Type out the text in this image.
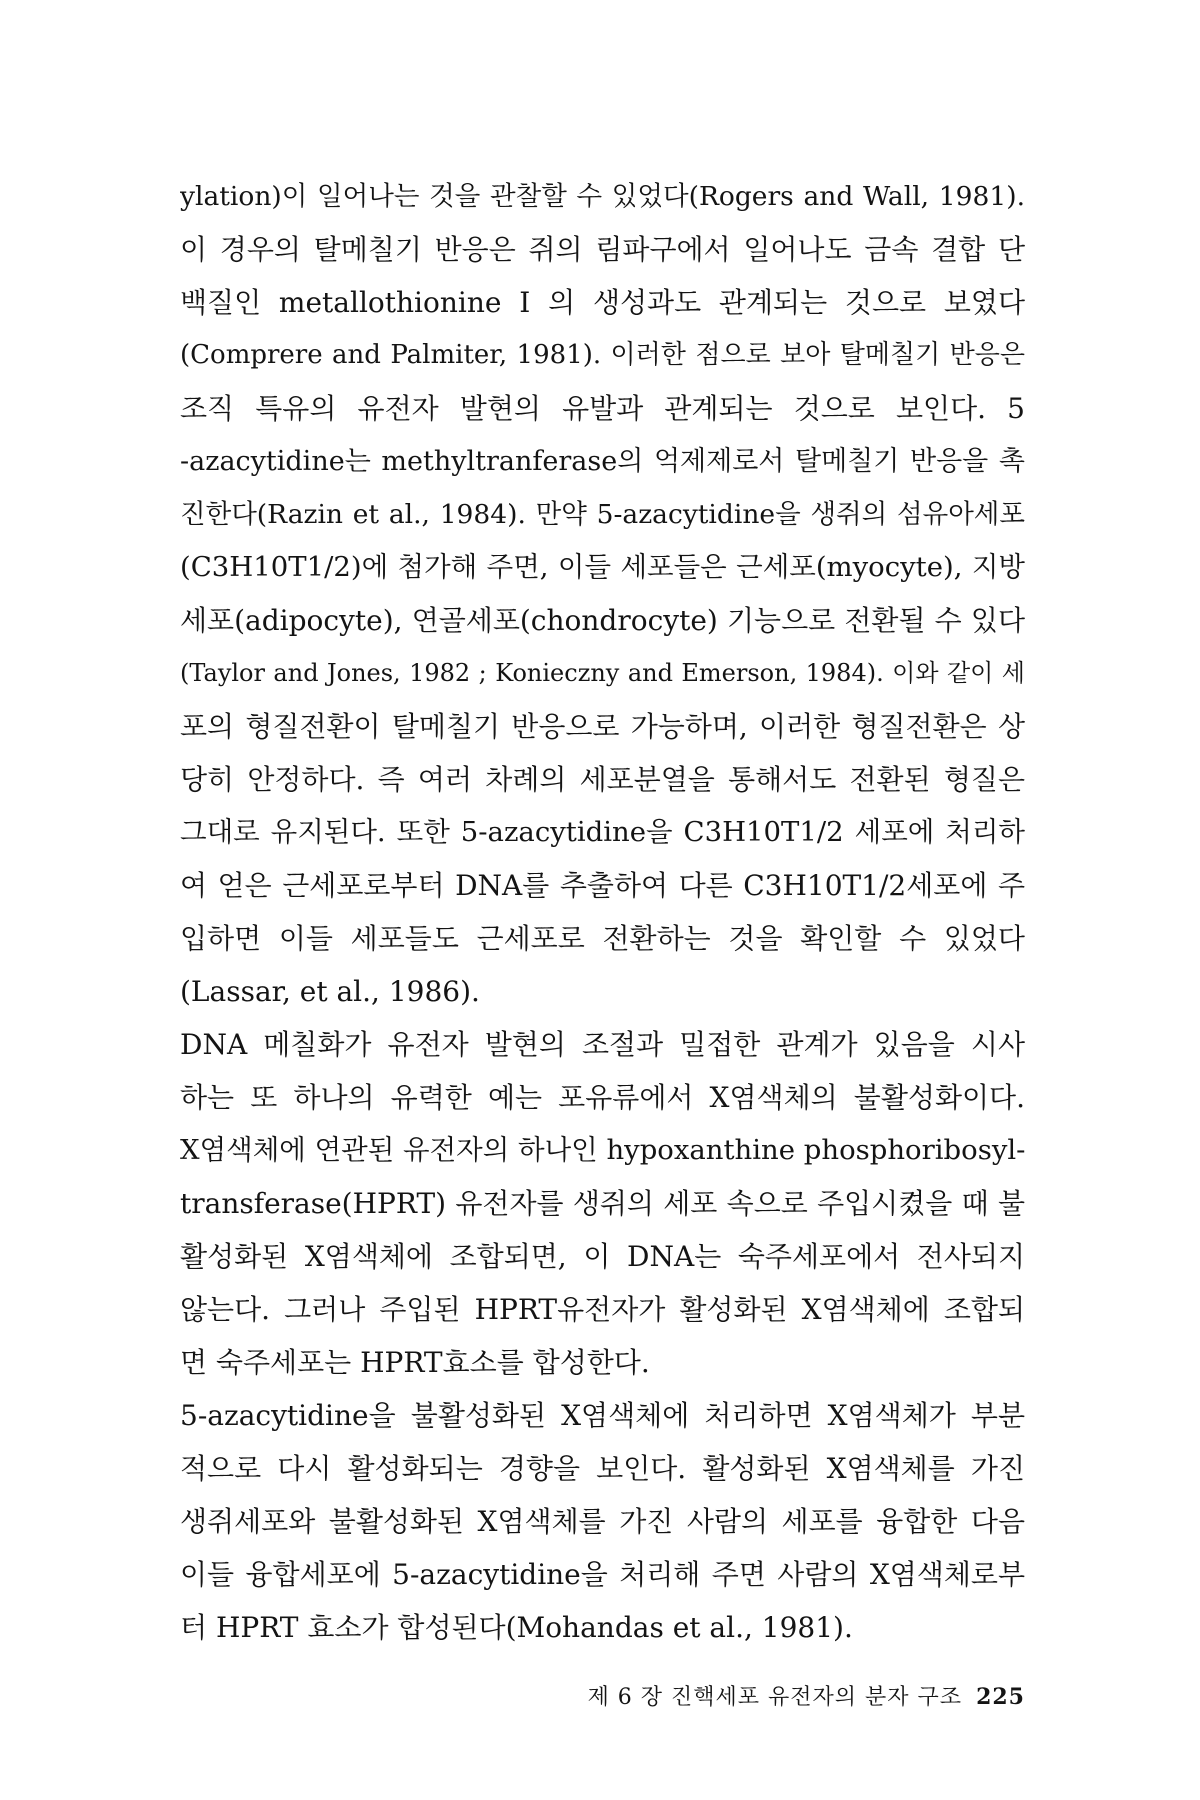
ylation)이 일어나는 것을 관찰할 수 있었다(Rogers and Wall, 1981).
이 경우의 탈메칠기 반응은 쥐의 림파구에서 일어나도 금속 결합 단
백질인 metallothionine I 의 생성과도 관계되는 것으로 보였다
(Comprere and Palmiter, 1981). 이러한 점으로 보아 탈메칠기 반응은
조직 특유의 유전자 발현의 유발과 관계되는 것으로 보인다. 5
-azacytidine는 methyltranferase의 억제제로서 탈메칠기 반응을 촉
진한다(Razin et al., 1984). 만약 5-azacytidine을 생쥐의 섬유아세포
(C3H10T1/2)에 첨가해 주면, 이들 세포들은 근세포(myocyte), 지방
세포(adipocyte), 연골세포(chondrocyte) 기능으로 전환될 수 있다
(Taylor and Jones, 1982 ; Konieczny and Emerson, 1984). 이와 같이 세
포의 형질전환이 탈메칠기 반응으로 가능하며, 이러한 형질전환은 상
당히 안정하다. 즉 여러 차례의 세포분열을 통해서도 전환된 형질은
그대로 유지된다. 또한 5-azacytidine을 C3H10T1/2 세포에 처리하
여 얻은 근세포로부터 DNA를 추출하여 다른 C3H10T1/2세포에 주
입하면 이들 세포들도 근세포로 전환하는 것을 확인할 수 있었다
(Lassar, et al., 1986).
DNA 메칠화가 유전자 발현의 조절과 밀접한 관계가 있음을 시사
하는 또 하나의 유력한 예는 포유류에서 X염색체의 불활성화이다.
X염색체에 연관된 유전자의 하나인 hypoxanthine phosphoribosyl-
transferase(HPRT) 유전자를 생쥐의 세포 속으로 주입시켰을 때 불
활성화된 X염색체에 조합되면, 이 DNA는 숙주세포에서 전사되지
않는다. 그러나 주입된 HPRT유전자가 활성화된 X염색체에 조합되
면 숙주세포는 HPRT효소를 합성한다.
5-azacytidine을 불활성화된 X염색체에 처리하면 X염색체가 부분
적으로 다시 활성화되는 경향을 보인다. 활성화된 X염색체를 가진
생쥐세포와 불활성화된 X염색체를 가진 사람의 세포를 융합한 다음
이들 융합세포에 5-azacytidine을 처리해 주면 사람의 X염색체로부
터 HPRT 효소가 합성된다(Mohandas et al., 1981).
제 6 장 진핵세포 유전자의 분자 구조 225
